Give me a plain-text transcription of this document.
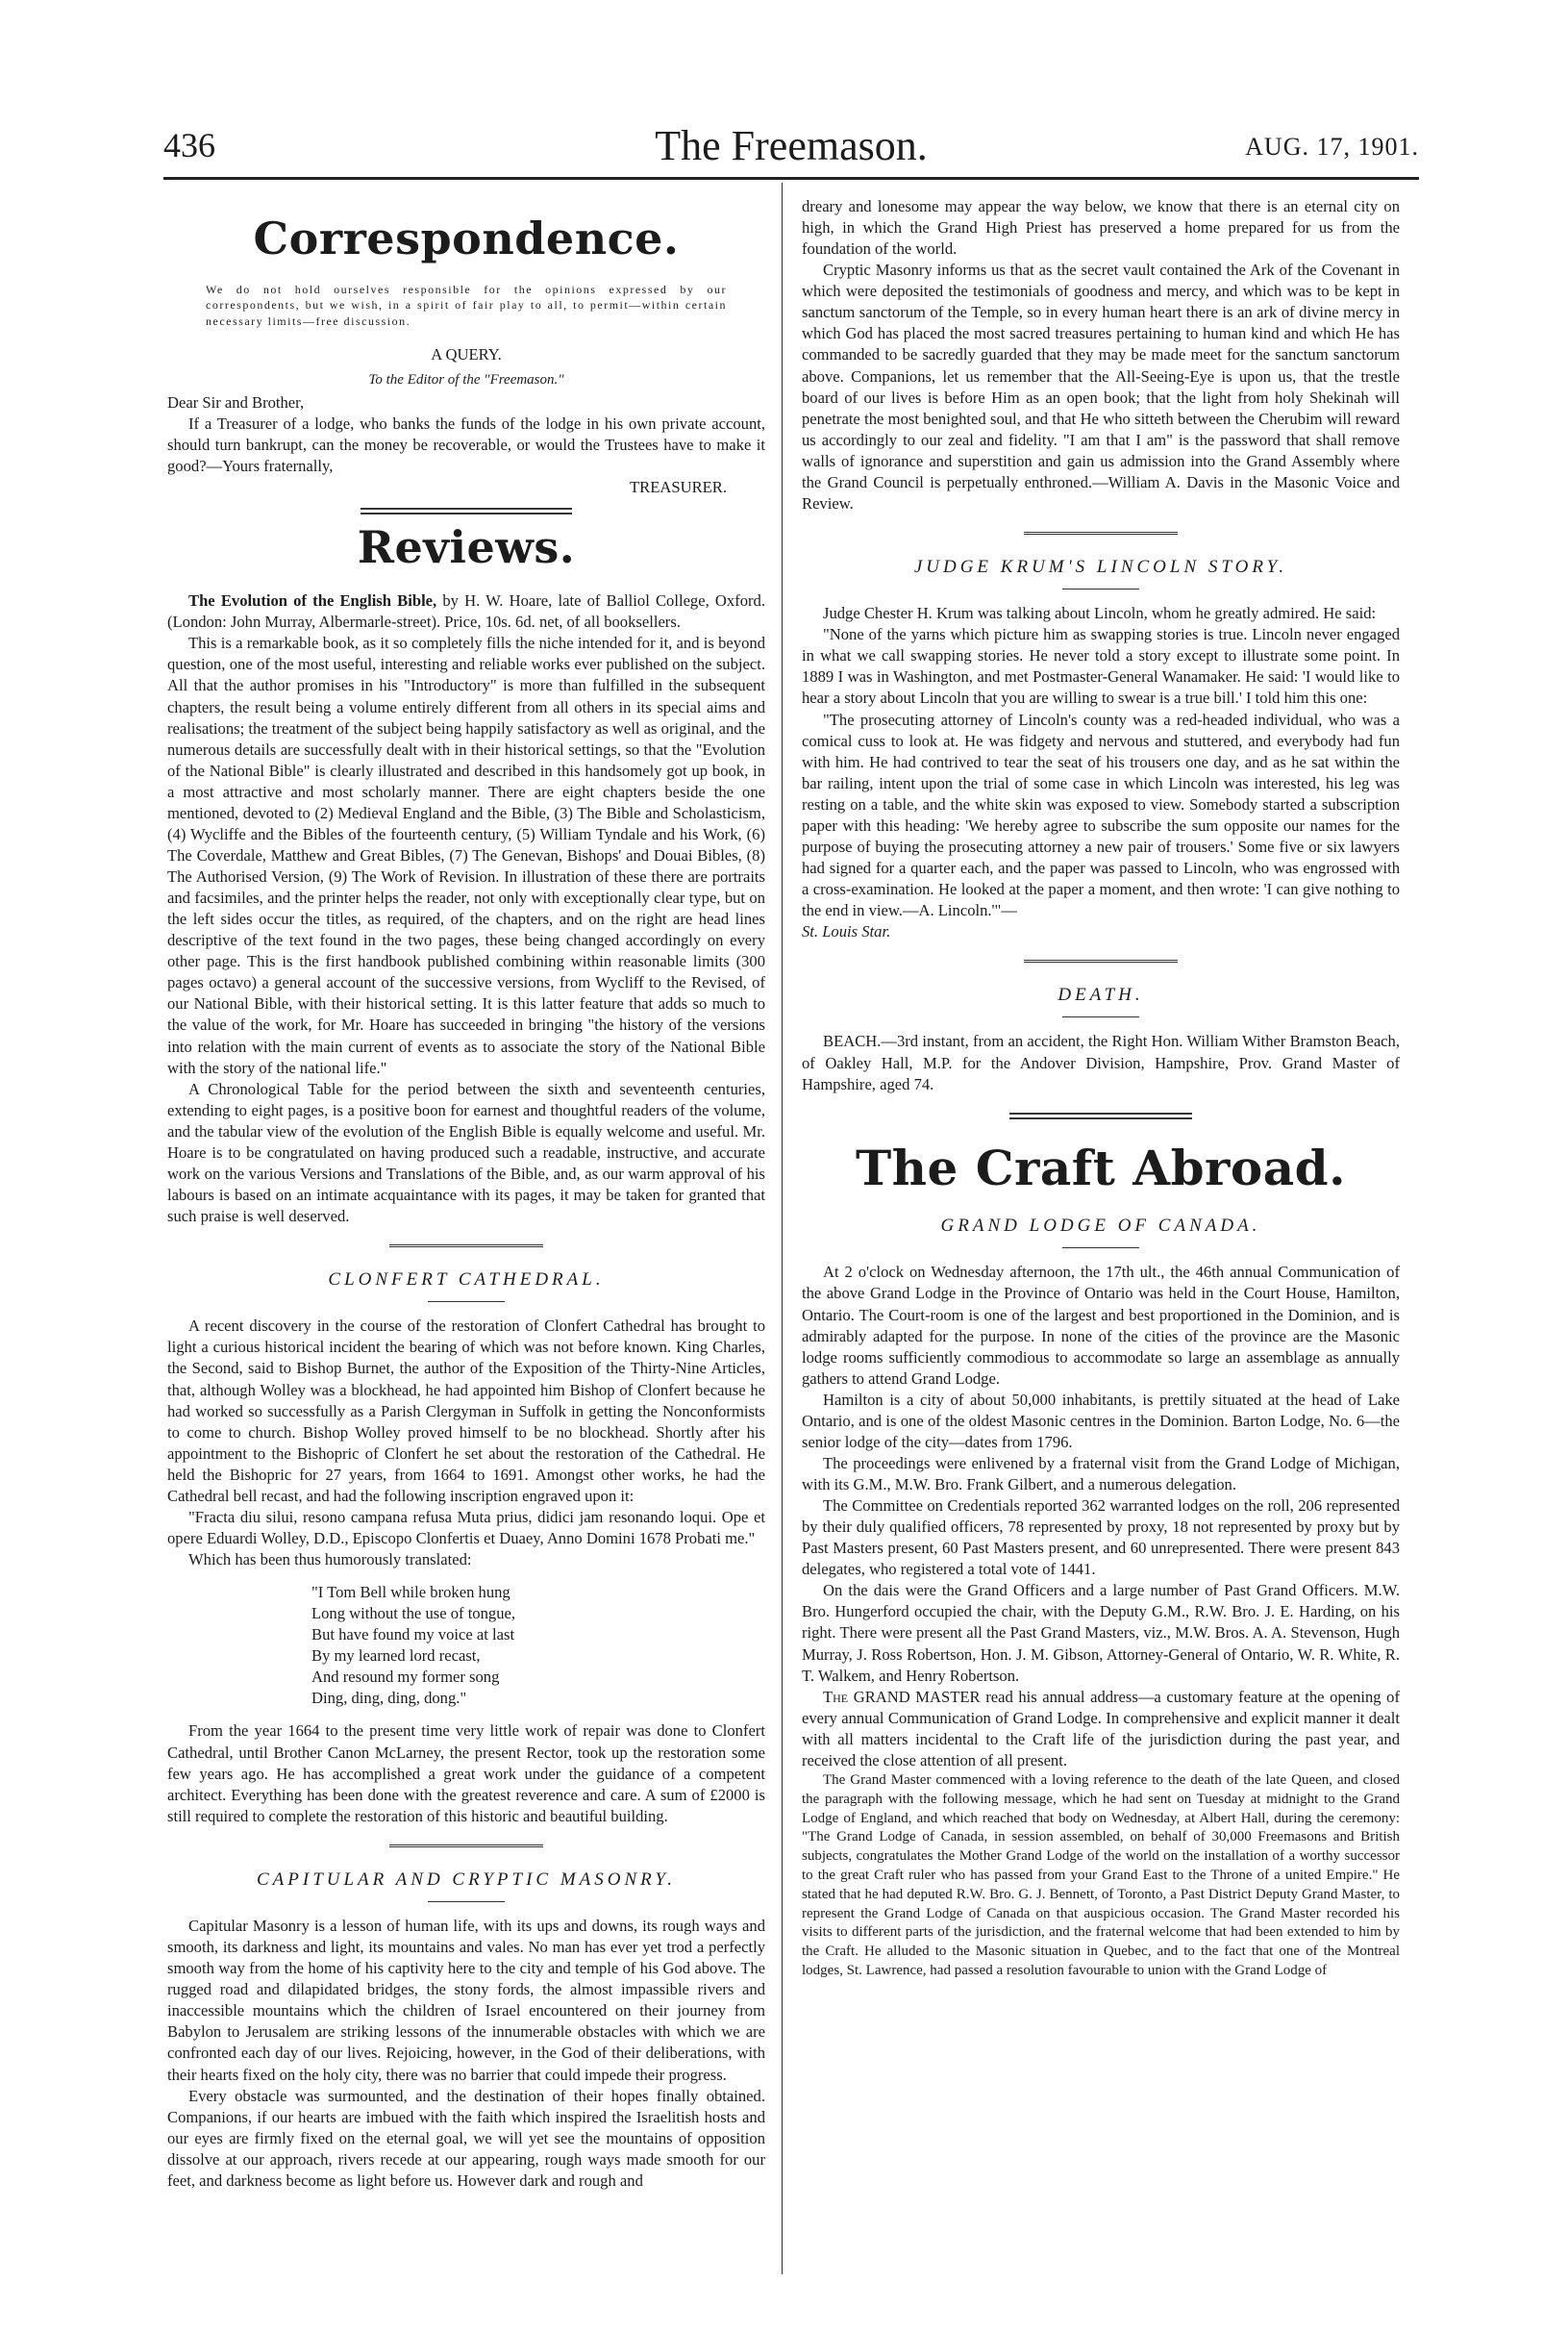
436	The Freemason.	AUG. 17, 1901.
Correspondence.
We do not hold ourselves responsible for the opinions expressed by our correspondents, but we wish, in a spirit of fair play to all, to permit—within certain necessary limits—free discussion.

A QUERY.

To the Editor of the "Freemason."

Dear Sir and Brother,

If a Treasurer of a lodge, who banks the funds of the lodge in his own private account, should turn bankrupt, can the money be recoverable, or would the Trustees have to make it good?—Yours fraternally,

TREASURER.

Reviews.

The Evolution of the English Bible, by H. W. Hoare, late of Balliol College, Oxford. (London: John Murray, Albermarle-street). Price, 10s. 6d. net, of all booksellers.

This is a remarkable book, as it so completely fills the niche intended for it, and is beyond question, one of the most useful, interesting and reliable works ever published on the subject. All that the author promises in his "Introductory" is more than fulfilled in the subsequent chapters, the result being a volume entirely different from all others in its special aims and realisations; the treatment of the subject being happily satisfactory as well as original, and the numerous details are successfully dealt with in their historical settings, so that the "Evolution of the National Bible" is clearly illustrated and described in this handsomely got up book, in a most attractive and most scholarly manner. There are eight chapters beside the one mentioned, devoted to (2) Medieval England and the Bible, (3) The Bible and Scholasticism, (4) Wycliffe and the Bibles of the fourteenth century, (5) William Tyndale and his Work, (6) The Coverdale, Matthew and Great Bibles, (7) The Genevan, Bishops' and Douai Bibles, (8) The Authorised Version, (9) The Work of Revision. In illustration of these there are portraits and facsimiles, and the printer helps the reader, not only with exceptionally clear type, but on the left sides occur the titles, as required, of the chapters, and on the right are head lines descriptive of the text found in the two pages, these being changed accordingly on every other page. This is the first handbook published combining within reasonable limits (300 pages octavo) a general account of the successive versions, from Wycliff to the Revised, of our National Bible, with their historical setting. It is this latter feature that adds so much to the value of the work, for Mr. Hoare has succeeded in bringing "the history of the versions into relation with the main current of events as to associate the story of the National Bible with the story of the national life."

A Chronological Table for the period between the sixth and seventeenth centuries, extending to eight pages, is a positive boon for earnest and thoughtful readers of the volume, and the tabular view of the evolution of the English Bible is equally welcome and useful. Mr. Hoare is to be congratulated on having produced such a readable, instructive, and accurate work on the various Versions and Translations of the Bible, and, as our warm approval of his labours is based on an intimate acquaintance with its pages, it may be taken for granted that such praise is well deserved.

CLONFERT CATHEDRAL.

A recent discovery in the course of the restoration of Clonfert Cathedral has brought to light a curious historical incident the bearing of which was not before known. King Charles, the Second, said to Bishop Burnet, the author of the Exposition of the Thirty-Nine Articles, that, although Wolley was a blockhead, he had appointed him Bishop of Clonfert because he had worked so successfully as a Parish Clergyman in Suffolk in getting the Nonconformists to come to church. Bishop Wolley proved himself to be no blockhead. Shortly after his appointment to the Bishopric of Clonfert he set about the restoration of the Cathedral. He held the Bishopric for 27 years, from 1664 to 1691. Amongst other works, he had the Cathedral bell recast, and had the following inscription engraved upon it:

"Fracta diu silui, resono campana refusa Muta prius, didici jam resonando loqui. Ope et opere Eduardi Wolley, D.D., Episcopo Clonfertis et Duaey, Anno Domini 1678 Probati me."

Which has been thus humorously translated:

"I Tom Bell while broken hung
Long without the use of tongue,
But have found my voice at last
By my learned lord recast,
And resound my former song
Ding, ding, ding, dong."

From the year 1664 to the present time very little work of repair was done to Clonfert Cathedral, until Brother Canon McLarney, the present Rector, took up the restoration some few years ago. He has accomplished a great work under the guidance of a competent architect. Everything has been done with the greatest reverence and care. A sum of £2000 is still required to complete the restoration of this historic and beautiful building.

CAPITULAR AND CRYPTIC MASONRY.

Capitular Masonry is a lesson of human life, with its ups and downs, its rough ways and smooth, its darkness and light, its mountains and vales. No man has ever yet trod a perfectly smooth way from the home of his captivity here to the city and temple of his God above. The rugged road and dilapidated bridges, the stony fords, the almost impassible rivers and inaccessible mountains which the children of Israel encountered on their journey from Babylon to Jerusalem are striking lessons of the innumerable obstacles with which we are confronted each day of our lives. Rejoicing, however, in the God of their deliberations, with their hearts fixed on the holy city, there was no barrier that could impede their progress.

Every obstacle was surmounted, and the destination of their hopes finally obtained. Companions, if our hearts are imbued with the faith which inspired the Israelitish hosts and our eyes are firmly fixed on the eternal goal, we will yet see the mountains of opposition dissolve at our approach, rivers recede at our appearing, rough ways made smooth for our feet, and darkness become as light before us. However dark and rough and

dreary and lonesome may appear the way below, we know that there is an eternal city on high, in which the Grand High Priest has preserved a home prepared for us from the foundation of the world.

Cryptic Masonry informs us that as the secret vault contained the Ark of the Covenant in which were deposited the testimonials of goodness and mercy, and which was to be kept in sanctum sanctorum of the Temple, so in every human heart there is an ark of divine mercy in which God has placed the most sacred treasures pertaining to human kind and which He has commanded to be sacredly guarded that they may be made meet for the sanctum sanctorum above. Companions, let us remember that the All-Seeing-Eye is upon us, that the trestle board of our lives is before Him as an open book; that the light from holy Shekinah will penetrate the most benighted soul, and that He who sitteth between the Cherubim will reward us accordingly to our zeal and fidelity. "I am that I am" is the password that shall remove walls of ignorance and superstition and gain us admission into the Grand Assembly where the Grand Council is perpetually enthroned.—William A. Davis in the Masonic Voice and Review.

JUDGE KRUM'S LINCOLN STORY.

Judge Chester H. Krum was talking about Lincoln, whom he greatly admired. He said:

"None of the yarns which picture him as swapping stories is true. Lincoln never engaged in what we call swapping stories. He never told a story except to illustrate some point. In 1889 I was in Washington, and met Postmaster-General Wanamaker. He said: 'I would like to hear a story about Lincoln that you are willing to swear is a true bill.' I told him this one:

"The prosecuting attorney of Lincoln's county was a red-headed individual, who was a comical cuss to look at. He was fidgety and nervous and stuttered, and everybody had fun with him. He had contrived to tear the seat of his trousers one day, and as he sat within the bar railing, intent upon the trial of some case in which Lincoln was interested, his leg was resting on a table, and the white skin was exposed to view. Somebody started a subscription paper with this heading: 'We hereby agree to subscribe the sum opposite our names for the purpose of buying the prosecuting attorney a new pair of trousers.' Some five or six lawyers had signed for a quarter each, and the paper was passed to Lincoln, who was engrossed with a cross-examination. He looked at the paper a moment, and then wrote: 'I can give nothing to the end in view.—A. Lincoln.'"—

St. Louis Star.

DEATH.

BEACH.—3rd instant, from an accident, the Right Hon. William Wither Bramston Beach, of Oakley Hall, M.P. for the Andover Division, Hampshire, Prov. Grand Master of Hampshire, aged 74.

The Craft Abroad.
GRAND LODGE OF CANADA.

At 2 o'clock on Wednesday afternoon, the 17th ult., the 46th annual Communication of the above Grand Lodge in the Province of Ontario was held in the Court House, Hamilton, Ontario. The Court-room is one of the largest and best proportioned in the Dominion, and is admirably adapted for the purpose. In none of the cities of the province are the Masonic lodge rooms sufficiently commodious to accommodate so large an assemblage as annually gathers to attend Grand Lodge.

Hamilton is a city of about 50,000 inhabitants, is prettily situated at the head of Lake Ontario, and is one of the oldest Masonic centres in the Dominion. Barton Lodge, No. 6—the senior lodge of the city—dates from 1796.

The proceedings were enlivened by a fraternal visit from the Grand Lodge of Michigan, with its G.M., M.W. Bro. Frank Gilbert, and a numerous delegation.

The Committee on Credentials reported 362 warranted lodges on the roll, 206 represented by their duly qualified officers, 78 represented by proxy, 18 not represented by proxy but by Past Masters present, 60 Past Masters present, and 60 unrepresented. There were present 843 delegates, who registered a total vote of 1441.

On the dais were the Grand Officers and a large number of Past Grand Officers. M.W. Bro. Hungerford occupied the chair, with the Deputy G.M., R.W. Bro. J. E. Harding, on his right. There were present all the Past Grand Masters, viz., M.W. Bros. A. A. Stevenson, Hugh Murray, J. Ross Robertson, Hon. J. M. Gibson, Attorney-General of Ontario, W. R. White, R. T. Walkem, and Henry Robertson.

The GRAND MASTER read his annual address—a customary feature at the opening of every annual Communication of Grand Lodge. In comprehensive and explicit manner it dealt with all matters incidental to the Craft life of the jurisdiction during the past year, and received the close attention of all present.

The Grand Master commenced with a loving reference to the death of the late Queen, and closed the paragraph with the following message, which he had sent on Tuesday at midnight to the Grand Lodge of England, and which reached that body on Wednesday, at Albert Hall, during the ceremony: "The Grand Lodge of Canada, in session assembled, on behalf of 30,000 Freemasons and British subjects, congratulates the Mother Grand Lodge of the world on the installation of a worthy successor to the great Craft ruler who has passed from your Grand East to the Throne of a united Empire." He stated that he had deputed R.W. Bro. G. J. Bennett, of Toronto, a Past District Deputy Grand Master, to represent the Grand Lodge of Canada on that auspicious occasion. The Grand Master recorded his visits to different parts of the jurisdiction, and the fraternal welcome that had been extended to him by the Craft. He alluded to the Masonic situation in Quebec, and to the fact that one of the Montreal lodges, St. Lawrence, had passed a resolution favourable to union with the Grand Lodge of
